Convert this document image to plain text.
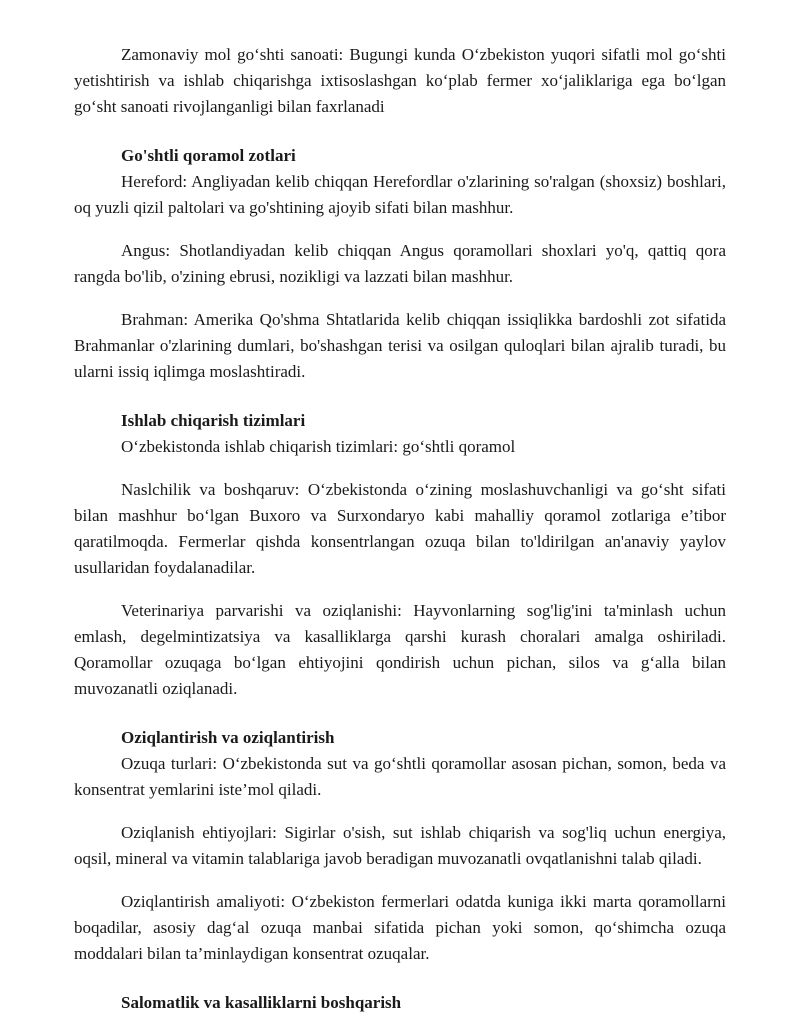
Zamonaviy mol go‘shti sanoati: Bugungi kunda O‘zbekiston yuqori sifatli mol go‘shti yetishtirish va ishlab chiqarishga ixtisoslashgan ko‘plab fermer xo‘jaliklariga ega bo‘lgan go‘sht sanoati rivojlanganligi bilan faxrlanadi

Go'shtli qoramol zotlari

Hereford: Angliyadan kelib chiqqan Herefordlar o'zlarining so'ralgan (shoxsiz) boshlari, oq yuzli qizil paltolari va go'shtining ajoyib sifati bilan mashhur.

Angus: Shotlandiyadan kelib chiqqan Angus qoramollari shoxlari yo'q, qattiq qora rangda bo'lib, o'zining ebrusi, nozikligi va lazzati bilan mashhur.

Brahman: Amerika Qo'shma Shtatlarida kelib chiqqan issiqlikka bardoshli zot sifatida Brahmanlar o'zlarining dumlari, bo'shashgan terisi va osilgan quloqlari bilan ajralib turadi, bu ularni issiq iqlimga moslashtiradi.

Ishlab chiqarish tizimlari

O‘zbekistonda ishlab chiqarish tizimlari: go‘shtli qoramol

Naslchilik va boshqaruv: O‘zbekistonda o‘zining moslashuvchanligi va go‘sht sifati bilan mashhur bo‘lgan Buxoro va Surxondaryo kabi mahalliy qoramol zotlariga e’tibor qaratilmoqda. Fermerlar qishda konsentrlangan ozuqa bilan to'ldirilgan an'anaviy yaylov usullaridan foydalanadilar.

Veterinariya parvarishi va oziqlanishi: Hayvonlarning sog'lig'ini ta'minlash uchun emlash, degelmintizatsiya va kasalliklarga qarshi kurash choralari amalga oshiriladi. Qoramollar ozuqaga bo‘lgan ehtiyojini qondirish uchun pichan, silos va g‘alla bilan muvozanatli oziqlanadi.

Oziqlantirish va oziqlantirish

Ozuqa turlari: O‘zbekistonda sut va go‘shtli qoramollar asosan pichan, somon, beda va konsentrat yemlarini iste’mol qiladi.

Oziqlanish ehtiyojlari: Sigirlar o'sish, sut ishlab chiqarish va sog'liq uchun energiya, oqsil, mineral va vitamin talablariga javob beradigan muvozanatli ovqatlanishni talab qiladi.

Oziqlantirish amaliyoti: O‘zbekiston fermerlari odatda kuniga ikki marta qoramollarni boqadilar, asosiy dag‘al ozuqa manbai sifatida pichan yoki somon, qo‘shimcha ozuqa moddalari bilan ta’minlaydigan konsentrat ozuqalar.

Salomatlik va kasalliklarni boshqarish
